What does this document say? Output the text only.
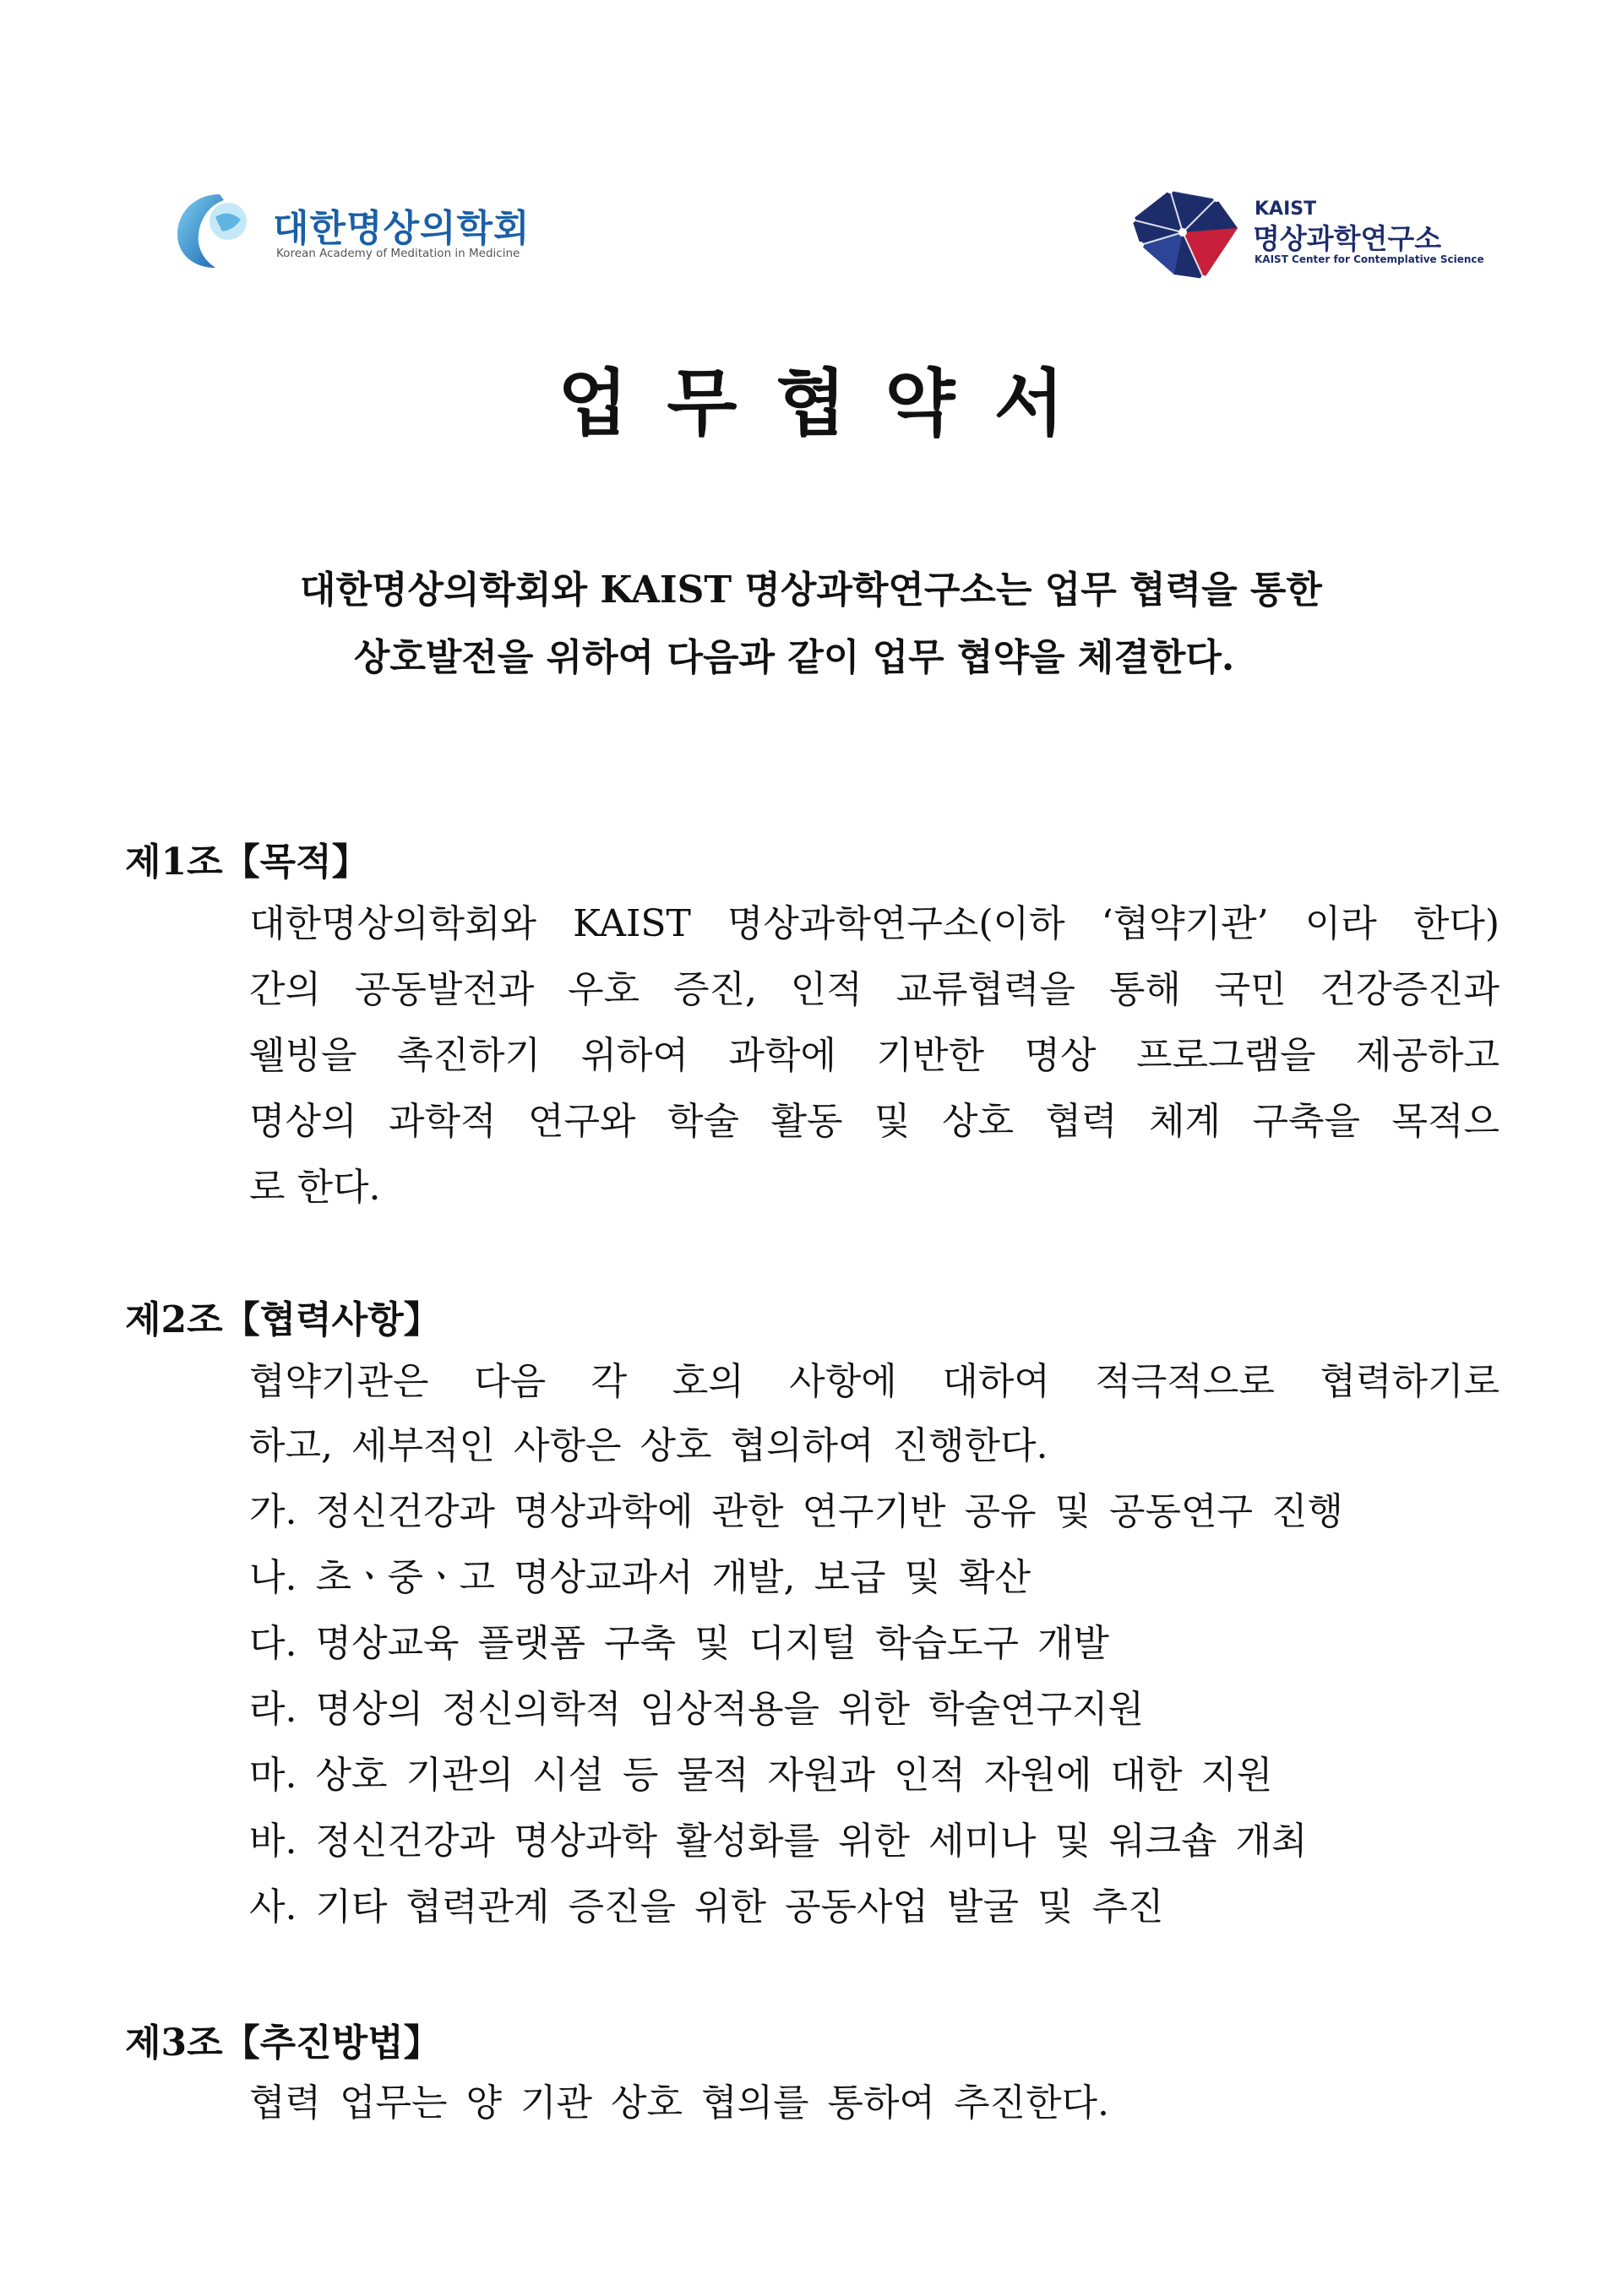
대한명상의학회
Korean Academy of Meditation in Medicine
KAIST
명상과학연구소
KAIST Center for Contemplative Science
업무협약서
대한명상의학회와 KAIST 명상과학연구소는 업무 협력을 통한
상호발전을 위하여 다음과 같이 업무 협약을 체결한다.
제1조【목적】
대한명상의학회와 KAIST 명상과학연구소(이하 ‘협약기관’ 이라 한다)
간의 공동발전과 우호 증진, 인적 교류협력을 통해 국민 건강증진과
웰빙을 촉진하기 위하여 과학에 기반한 명상 프로그램을 제공하고
명상의 과학적 연구와 학술 활동 및 상호 협력 체계 구축을 목적으
로 한다.
제2조【협력사항】
협약기관은 다음 각 호의 사항에 대하여 적극적으로 협력하기로
하고, 세부적인 사항은 상호 협의하여 진행한다.
가. 정신건강과 명상과학에 관한 연구기반 공유 및 공동연구 진행
나. 초ㆍ중ㆍ고 명상교과서 개발, 보급 및 확산
다. 명상교육 플랫폼 구축 및 디지털 학습도구 개발
라. 명상의 정신의학적 임상적용을 위한 학술연구지원
마. 상호 기관의 시설 등 물적 자원과 인적 자원에 대한 지원
바. 정신건강과 명상과학 활성화를 위한 세미나 및 워크숍 개최
사. 기타 협력관계 증진을 위한 공동사업 발굴 및 추진
제3조【추진방법】
협력 업무는 양 기관 상호 협의를 통하여 추진한다.
